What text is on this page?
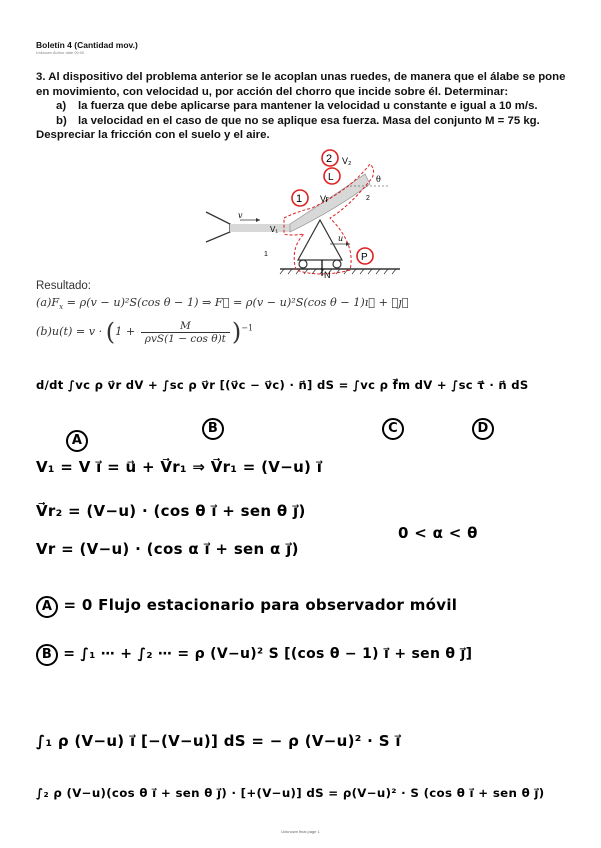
Boletín 4 (Cantidad mov.)
Unknown Author date 00:00
3. Al dispositivo del problema anterior se le acoplan unas ruedes, de manera que el álabe se pone en movimiento, con velocidad u, por acción del chorro que incide sobre él. Determinar:
a) la fuerza que debe aplicarse para mantener la velocidad u constante e igual a 10 m/s.
b) la velocidad en el caso de que no se aplique esa fuerza. Masa del conjunto M = 75 kg.
Despreciar la fricción con el suelo y el aire.
v
u
θ
2
1
1
L
2
P
V₂
Vr
V₁
N
Resultado:
$(a)F_x = \rho(v - u)^2S(\cos$ θ − 1) ⇒ F⃗ = ρ(v − u)²S(cos θ − 1)ı⃗ + ⋯ȷ⃗
$(b)u(t) = v \cdot (1 + \frac{M}{\text{ρvS(1 − cos θ)t}} )^{-1}$
d/dt ∫vc ρ v⃗r dV + ∫sc ρ v⃗r [(v⃗c − v⃗c) · n⃗] dS = ∫vc ρ f⃗m dV + ∫sc τ⃗ · n⃗ dS
A
B	C	D
V₁ = V i⃗ = u⃗ + V⃗r₁ ⇒ V⃗r₁ = (V−u) i⃗
V⃗r₂ = (V−u) · (cos θ i⃗ + sen θ j⃗)
Vr = (V−u) · (cos α i⃗ + sen α j⃗)
0 < α < θ
A = 0 Flujo estacionario para observador móvil
B = ∫₁ ⋯ + ∫₂ ⋯ = ρ (V−u)² S [(cos θ − 1) i⃗ + sen θ j⃗]
∫₁ ρ (V−u) i⃗ [−(V−u)] dS = − ρ (V−u)² · S i⃗
∫₂ ρ (V−u)(cos θ i⃗ + sen θ j⃗) · [+(V−u)] dS = ρ(V−u)² · S (cos θ i⃗ + sen θ j⃗)
Unknown final page 1
